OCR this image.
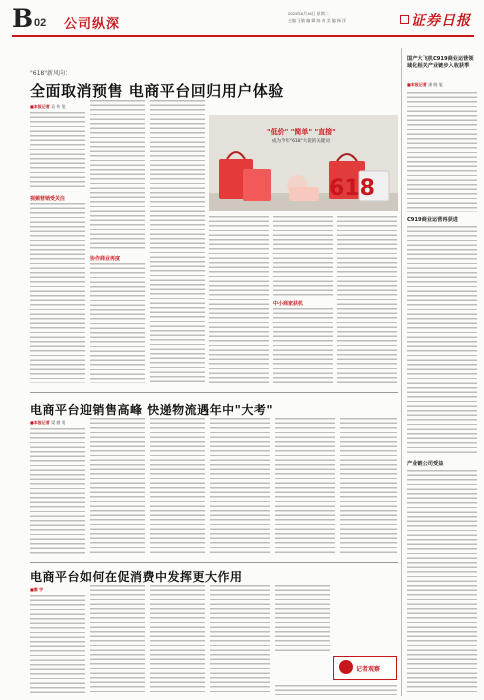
B 02 公司纵深
2024年6月18日 星期二
主编 王敏 编 辑 陈 奇 美 编 杨 洋	证券日报
"618"新风向：
全面取消预售 电商平台回归用户体验
■本报记者 袁 传 玺
视频营销受关注
协作商业再度
618
"低价" "简单" "直接"
成为今年"618"大促的关键词
中小商家获机
电商平台迎销售高峰 快递物流遇年中"大考"
■本报记者 梁 傲 男
电商平台如何在促消费中发挥更大作用
■秦 宇
记者观察
国产大飞机C919商业运营领域化相关产业链步入收获季
■本报记者 潘 晓 旭
C919商业运营再获进
产业链公司受益
